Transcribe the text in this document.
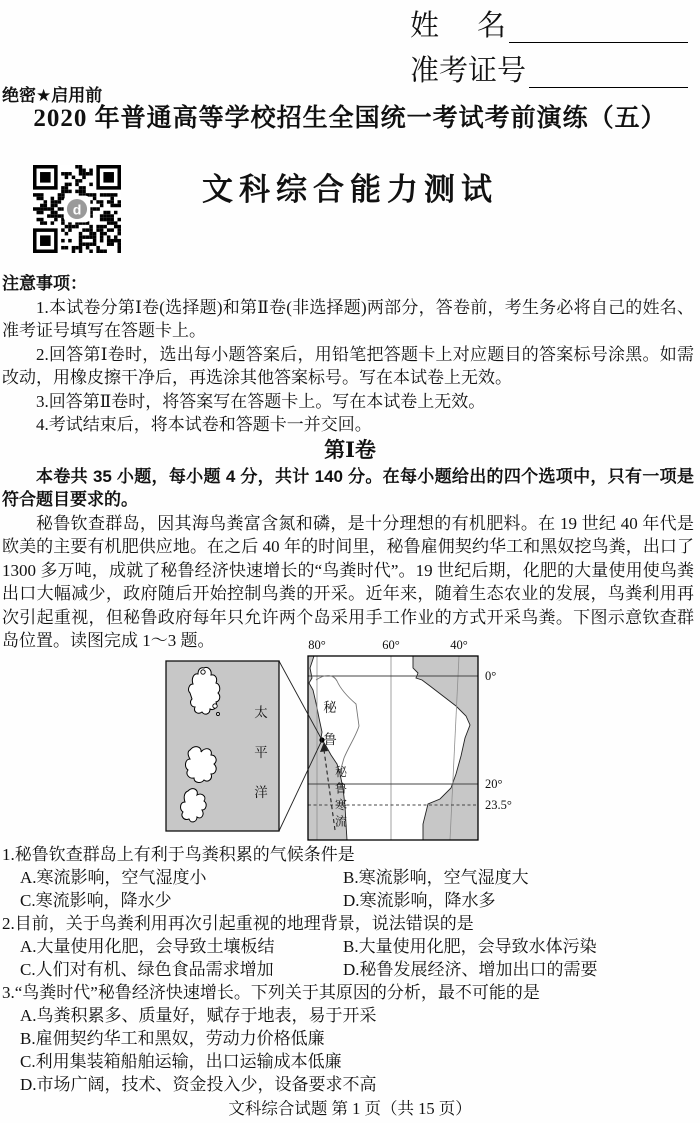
姓 名
准考证号
绝密★启用前
2020 年普通高等学校招生全国统一考试考前演练（五）
d
文科综合能力测试
注意事项：

1.本试卷分第Ⅰ卷(选择题)和第Ⅱ卷(非选择题)两部分，答卷前，考生务必将自己的姓名、准考证号填写在答题卡上。

2.回答第Ⅰ卷时，选出每小题答案后，用铅笔把答题卡上对应题目的答案标号涂黑。如需改动，用橡皮擦干净后，再选涂其他答案标号。写在本试卷上无效。

3.回答第Ⅱ卷时，将答案写在答题卡上。写在本试卷上无效。

4.考试结束后，将本试卷和答题卡一并交回。

第Ⅰ卷

本卷共 35 小题，每小题 4 分，共计 140 分。在每小题给出的四个选项中，只有一项是符合题目要求的。

秘鲁钦查群岛，因其海鸟粪富含氮和磷，是十分理想的有机肥料。在 19 世纪 40 年代是欧美的主要有机肥供应地。在之后 40 年的时间里，秘鲁雇佣契约华工和黑奴挖鸟粪，出口了 1300 多万吨，成就了秘鲁经济快速增长的“鸟粪时代”。19 世纪后期，化肥的大量使用使鸟粪出口大幅减少，政府随后开始控制鸟粪的开采。近年来，随着生态农业的发展，鸟粪利用再次引起重视，但秘鲁政府每年只允许两个岛采用手工作业的方式开采鸟粪。下图示意钦查群岛位置。读图完成 1～3 题。	80°	60°	40°
0°
20°
23.5°
秘鲁
秘鲁寒流
太平洋

1.秘鲁钦查群岛上有利于鸟粪积累的气候条件是

A.寒流影响，空气湿度小	B.寒流影响，空气湿度大
C.寒流影响，降水少	D.寒流影响，降水多

2.目前，关于鸟粪利用再次引起重视的地理背景，说法错误的是

A.大量使用化肥，会导致土壤板结	B.大量使用化肥，会导致水体污染
C.人们对有机、绿色食品需求增加	D.秘鲁发展经济、增加出口的需要

3.“鸟粪时代”秘鲁经济快速增长。下列关于其原因的分析，最不可能的是

A.鸟粪积累多、质量好，赋存于地表，易于开采
B.雇佣契约华工和黑奴，劳动力价格低廉
C.利用集装箱船舶运输，出口运输成本低廉
D.市场广阔，技术、资金投入少，设备要求不高
文科综合试题 第 1 页（共 15 页）
